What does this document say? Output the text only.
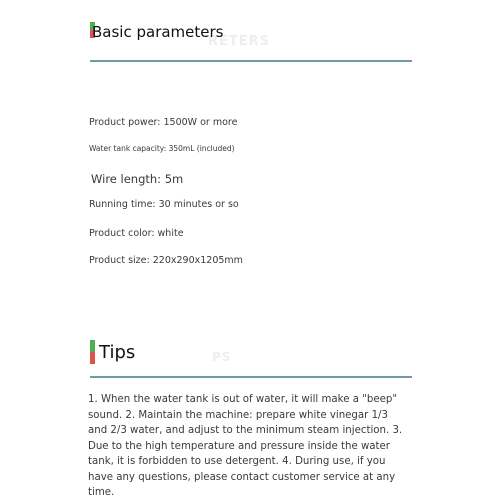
RETERS
Basic parameters
Product power: 1500W or more
Water tank capacity: 350mL (included)
Wire length: 5m
Running time: 30 minutes or so
Product color: white
Product size: 220x290x1205mm
PS
Tips
1. When the water tank is out of water, it will make a "beep" sound. 2. Maintain the machine: prepare white vinegar 1/3 and 2/3 water, and adjust to the minimum steam injection. 3. Due to the high temperature and pressure inside the water tank, it is forbidden to use detergent. 4. During use, if you have any questions, please contact customer service at any time.
